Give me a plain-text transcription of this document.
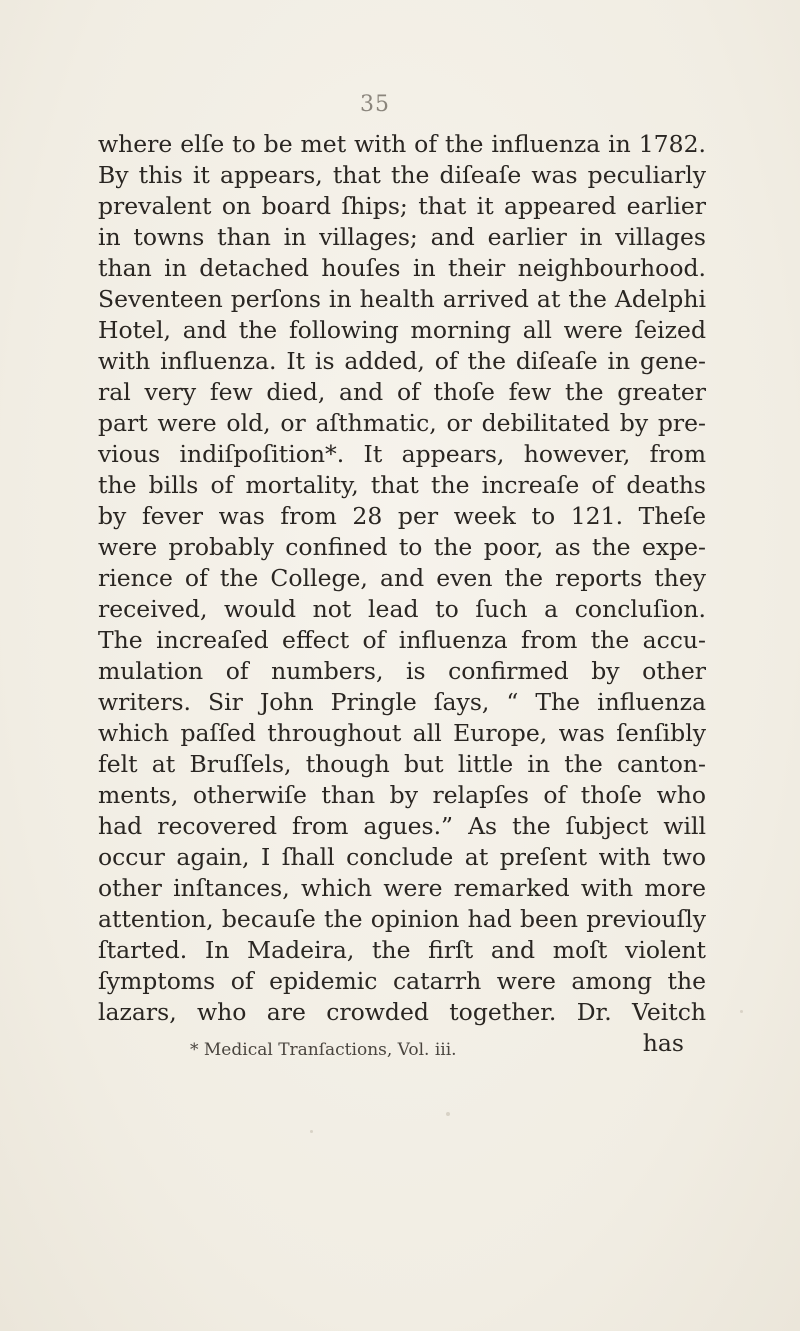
35
where elſe to be met with of the influenza in 1782.
By this it appears, that the diſeaſe was peculiarly
prevalent on board ſhips; that it appeared earlier
in towns than in villages; and earlier in villages
than in detached houſes in their neighbourhood.
Seventeen perſons in health arrived at the Adelphi
Hotel, and the following morning all were ſeized
with influenza. It is added, of the diſeaſe in gene-
ral very few died, and of thoſe few the greater
part were old, or aſthmatic, or debilitated by pre-
vious indiſpoſition*. It appears, however, from
the bills of mortality, that the increaſe of deaths
by fever was from 28 per week to 121. Theſe
were probably confined to the poor, as the expe-
rience of the College, and even the reports they
received, would not lead to ſuch a concluſion.
The increaſed effect of influenza from the accu-
mulation of numbers, is confirmed by other
writers. Sir John Pringle ſays, “ The influenza
which paſſed throughout all Europe, was ſenſibly
felt at Bruſſels, though but little in the canton-
ments, otherwiſe than by relapſes of thoſe who
had recovered from agues.” As the ſubject will
occur again, I ſhall conclude at preſent with two
other inſtances, which were remarked with more
attention, becauſe the opinion had been previouſly
ſtarted. In Madeira, the firſt and moſt violent
ſymptoms of epidemic catarrh were among the
lazars, who are crowded together. Dr. Veitch
has
* Medical Tranſactions, Vol. iii.
